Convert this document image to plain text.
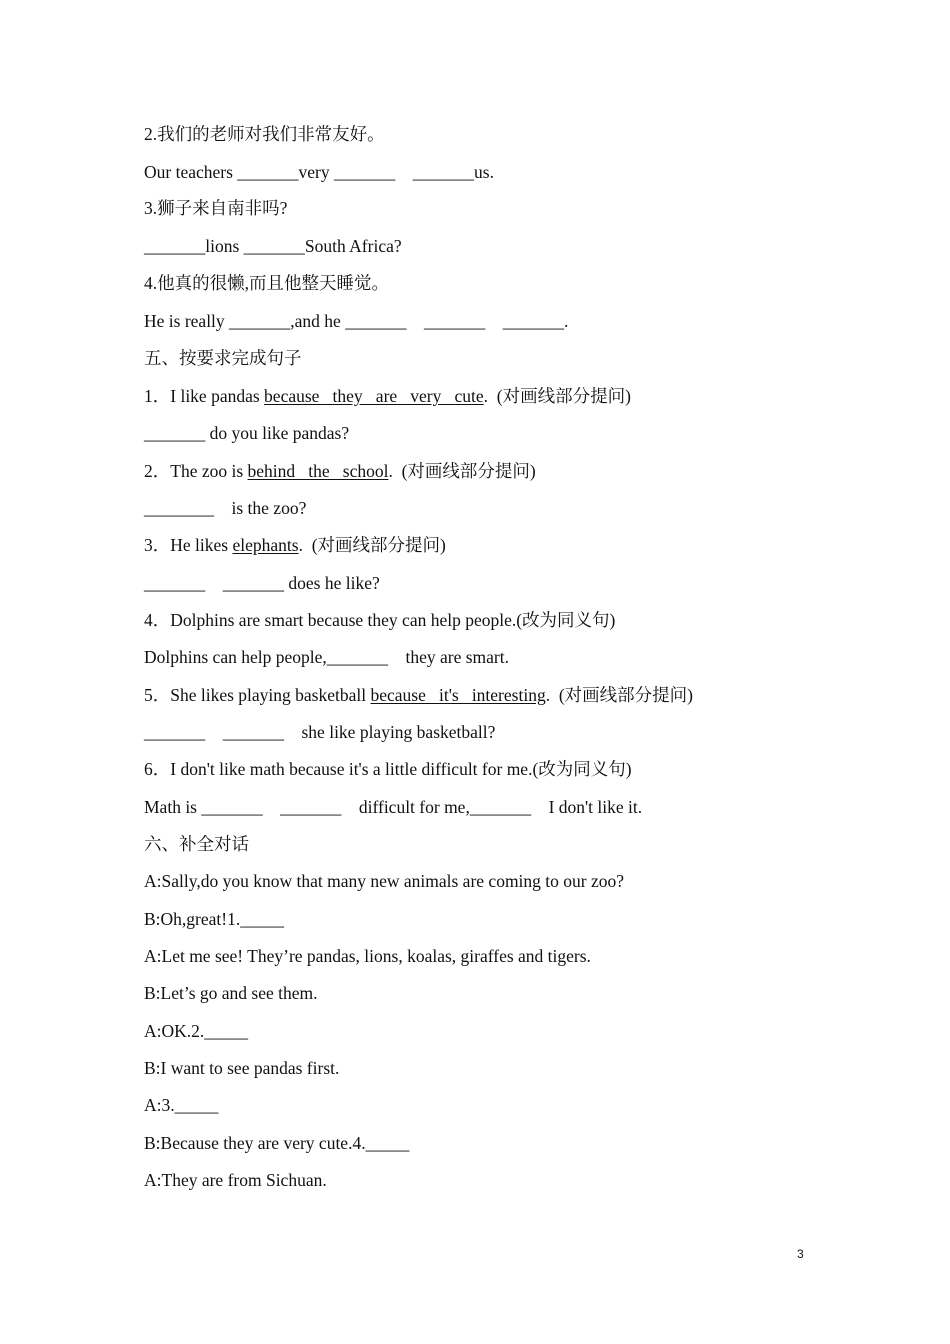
2.我们的老师对我们非常友好。
Our teachers _______very _______    _______us.
3.狮子来自南非吗?
_______lions _______South Africa?
4.他真的很懒,而且他整天睡觉。
He is really _______,and he _______    _______    _______.
五、按要求完成句子
1．I like pandas because   they   are   very   cute.  (对画线部分提问)
_______ do you like pandas?
2．The zoo is behind   the   school.  (对画线部分提问)
________    is the zoo?
3．He likes elephants.  (对画线部分提问)
_______    _______ does he like?
4．Dolphins are smart because they can help people.(改为同义句)
Dolphins can help people,_______    they are smart.
5．She likes playing basketball because   it's   interesting.  (对画线部分提问)
_______    _______    she like playing basketball?
6．I don't like math because it's a little difficult for me.(改为同义句)
Math is _______    _______    difficult for me,_______    I don't like it.
六、补全对话
A:Sally,do you know that many new animals are coming to our zoo?
B:Oh,great!1._____
A:Let me see! They’re pandas, lions, koalas, giraffes and tigers.
B:Let’s go and see them.
A:OK.2._____
B:I want to see pandas first.
A:3._____
B:Because they are very cute.4._____
A:They are from Sichuan.
3
